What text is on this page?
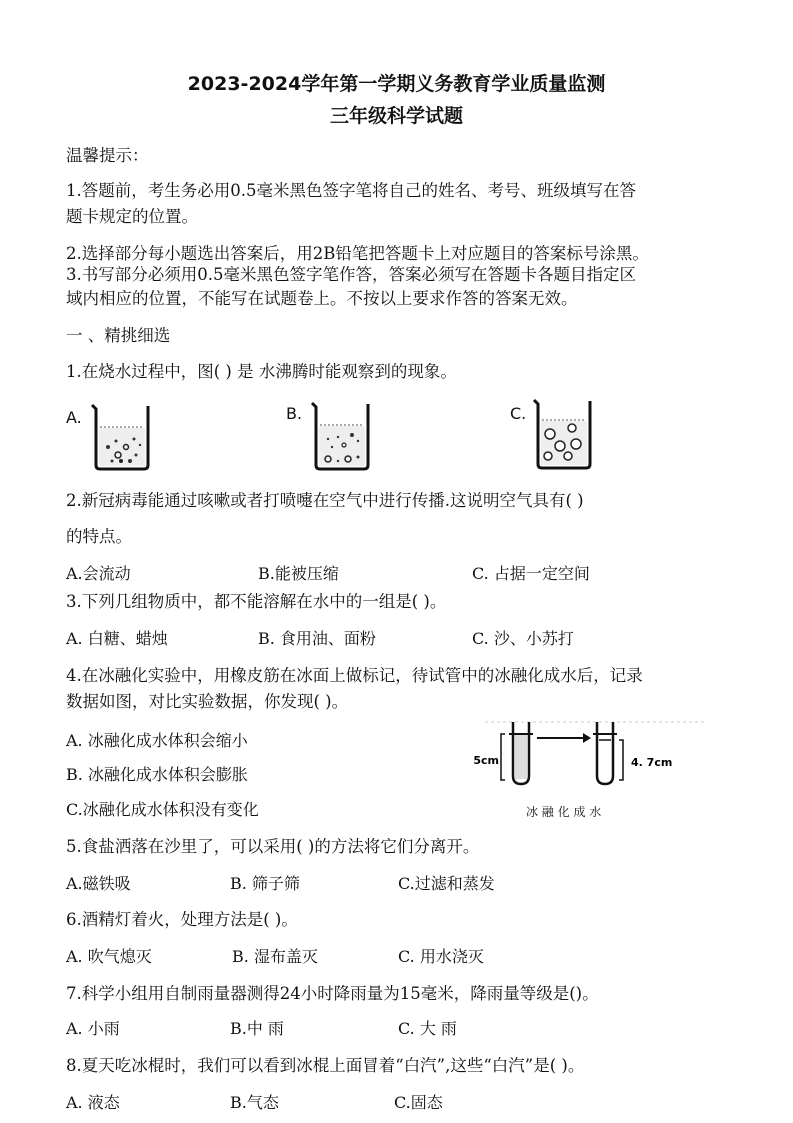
2023-2024学年第一学期义务教育学业质量监测
三年级科学试题
温馨提示：
1.答题前，考生务必用0.5毫米黑色签字笔将自己的姓名、考号、班级填写在答
题卡规定的位置。
2.选择部分每小题选出答案后，用2B铅笔把答题卡上对应题目的答案标号涂黑。
3.书写部分必须用0.5毫米黑色签字笔作答，答案必须写在答题卡各题目指定区
域内相应的位置，不能写在试题卷上。不按以上要求作答的答案无效。
一 、精挑细选
1.在烧水过程中，图( ) 是 水沸腾时能观察到的现象。
A.	B.	C.
2.新冠病毒能通过咳嗽或者打喷嚏在空气中进行传播.这说明空气具有( )
的特点。
A.会流动	B.能被压缩	C. 占据一定空间
3.下列几组物质中，都不能溶解在水中的一组是( )。
A. 白糖、蜡烛	B. 食用油、面粉	C. 沙、小苏打
4.在冰融化实验中，用橡皮筋在冰面上做标记，待试管中的冰融化成水后，记录
数据如图，对比实验数据，你发现( )。
A. 冰融化成水体积会缩小
B. 冰融化成水体积会膨胀
C.冰融化成水体积没有变化
5cm	4. 7cm
冰 融 化 成 水
5.食盐洒落在沙里了，可以采用( )的方法将它们分离开。
A.磁铁吸	B. 筛子筛	C.过滤和蒸发
6.酒精灯着火，处理方法是( )。
A. 吹气熄灭	B. 湿布盖灭	C. 用水浇灭
7.科学小组用自制雨量器测得24小时降雨量为15毫米，降雨量等级是()。
A. 小雨	B.中 雨	C. 大 雨
8.夏天吃冰棍时，我们可以看到冰棍上面冒着“白汽”,这些“白汽”是( )。
A. 液态	B.气态	C.固态
